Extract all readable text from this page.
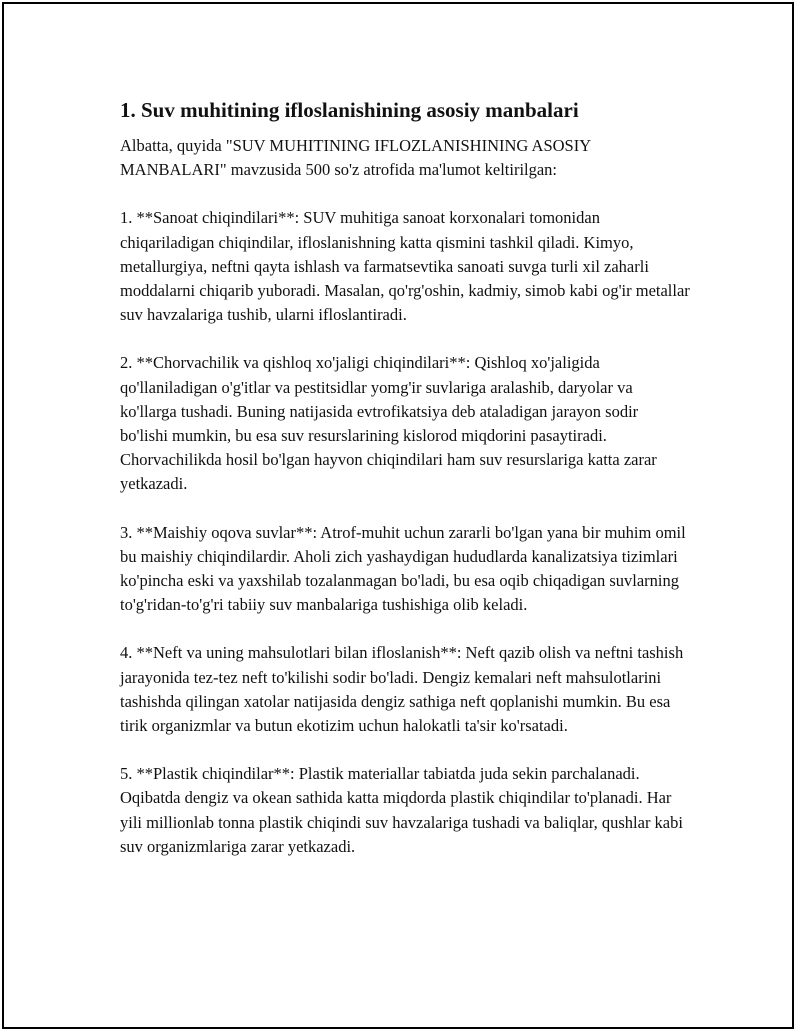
1. Suv muhitining ifloslanishining asosiy manbalari

Albatta, quyida "SUV MUHITINING IFLOZLANISHINING ASOSIY MANBALARI" mavzusida 500 so'z atrofida ma'lumot keltirilgan:

1. **Sanoat chiqindilari**: SUV muhitiga sanoat korxonalari tomonidan chiqariladigan chiqindilar, ifloslanishning katta qismini tashkil qiladi. Kimyo, metallurgiya, neftni qayta ishlash va farmatsevtika sanoati suvga turli xil zaharli moddalarni chiqarib yuboradi. Masalan, qo'rg'oshin, kadmiy, simob kabi og'ir metallar suv havzalariga tushib, ularni ifloslantiradi.

2. **Chorvachilik va qishloq xo'jaligi chiqindilari**: Qishloq xo'jaligida qo'llaniladigan o'g'itlar va pestitsidlar yomg'ir suvlariga aralashib, daryolar va ko'llarga tushadi. Buning natijasida evtrofikatsiya deb ataladigan jarayon sodir bo'lishi mumkin, bu esa suv resurslarining kislorod miqdorini pasaytiradi. Chorvachilikda hosil bo'lgan hayvon chiqindilari ham suv resurslariga katta zarar yetkazadi.

3. **Maishiy oqova suvlar**: Atrof-muhit uchun zararli bo'lgan yana bir muhim omil bu maishiy chiqindilardir. Aholi zich yashaydigan hududlarda kanalizatsiya tizimlari ko'pincha eski va yaxshilab tozalanmagan bo'ladi, bu esa oqib chiqadigan suvlarning to'g'ridan-to'g'ri tabiiy suv manbalariga tushishiga olib keladi.

4. **Neft va uning mahsulotlari bilan ifloslanish**: Neft qazib olish va neftni tashish jarayonida tez-tez neft to'kilishi sodir bo'ladi. Dengiz kemalari neft mahsulotlarini tashishda qilingan xatolar natijasida dengiz sathiga neft qoplanishi mumkin. Bu esa tirik organizmlar va butun ekotizim uchun halokatli ta'sir ko'rsatadi.

5. **Plastik chiqindilar**: Plastik materiallar tabiatda juda sekin parchalanadi. Oqibatda dengiz va okean sathida katta miqdorda plastik chiqindilar to'planadi. Har yili millionlab tonna plastik chiqindi suv havzalariga tushadi va baliqlar, qushlar kabi suv organizmlariga zarar yetkazadi.
